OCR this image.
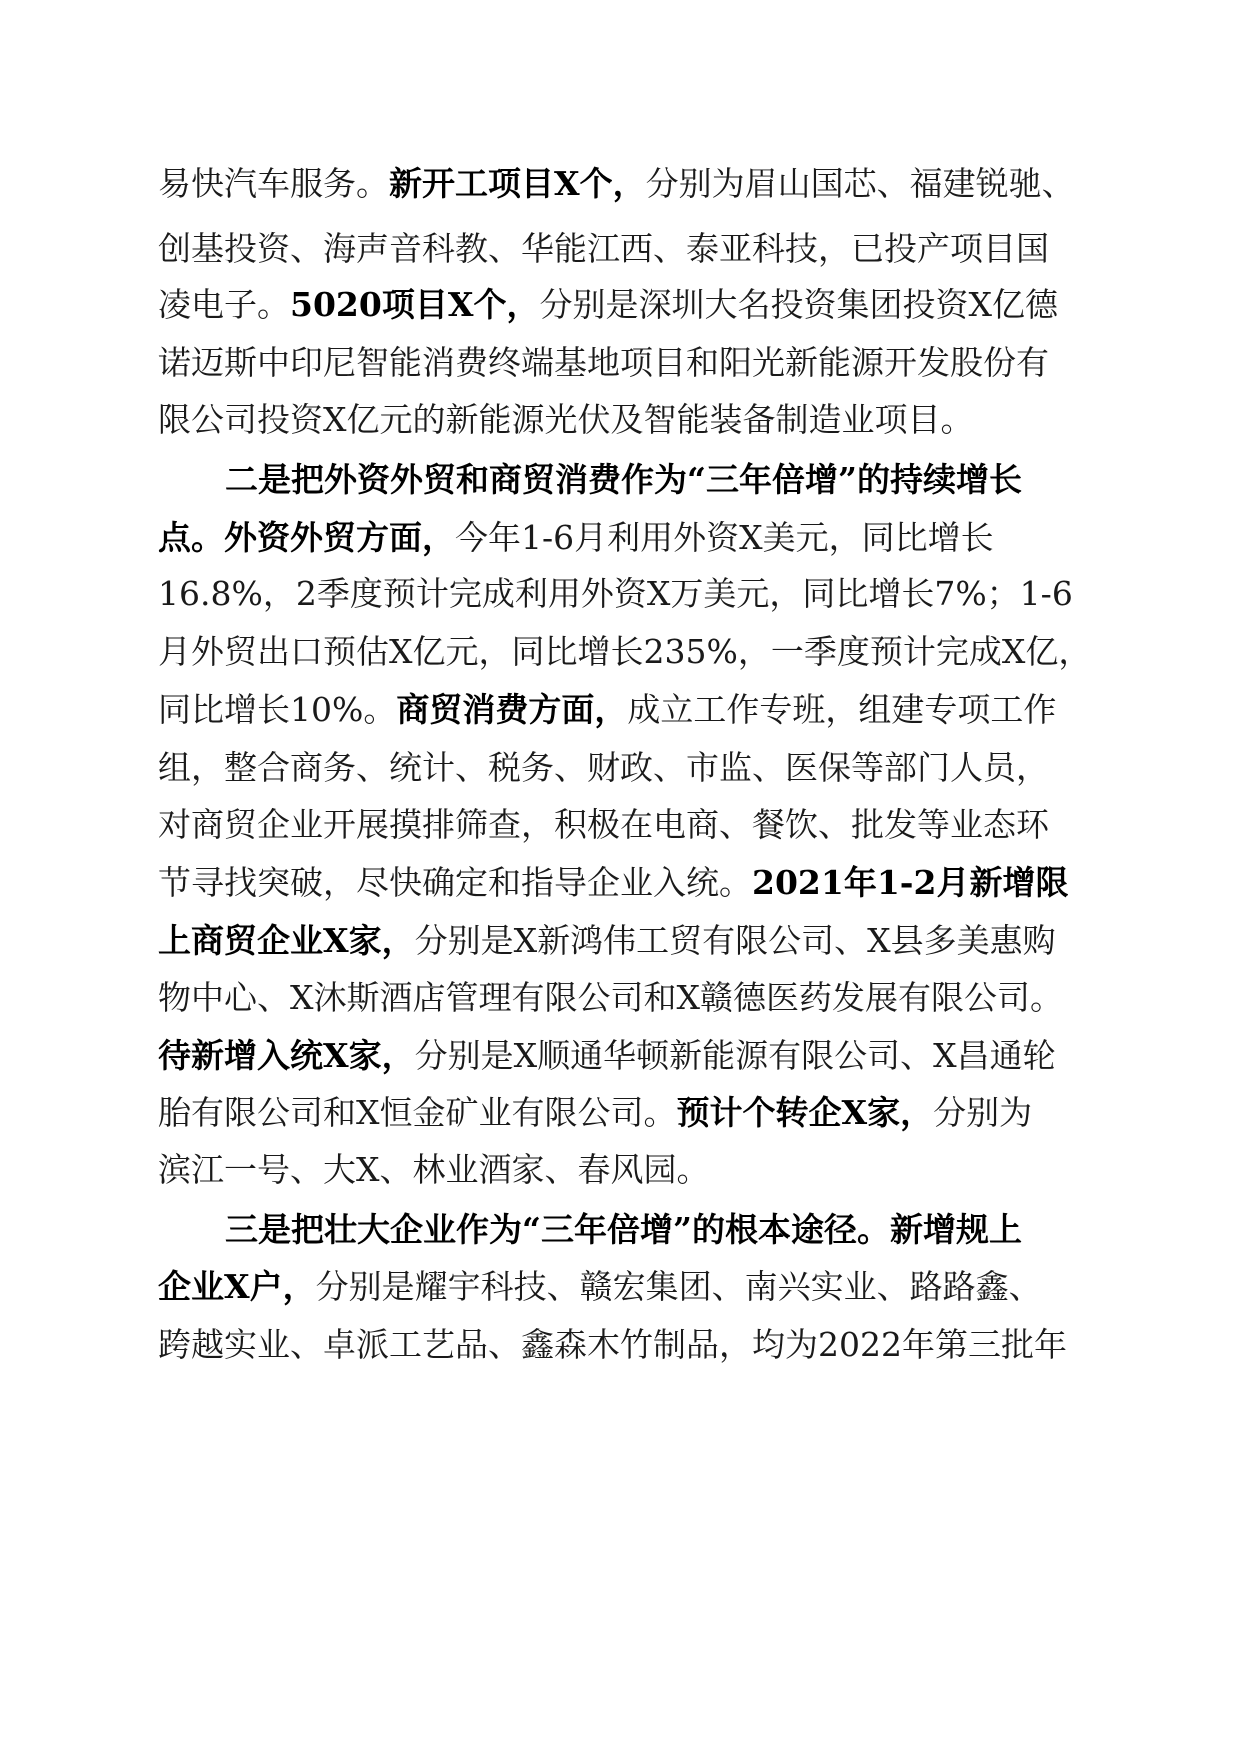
易快汽车服务。新开工项目X个，分别为眉山国芯、福建锐驰、

创基投资、海声音科教、华能江西、泰亚科技，已投产项目国

凌电子。5020项目X个，分别是深圳大名投资集团投资X亿德

诺迈斯中印尼智能消费终端基地项目和阳光新能源开发股份有

限公司投资X亿元的新能源光伏及智能装备制造业项目。

二是把外资外贸和商贸消费作为“三年倍增”的持续增长

点。外资外贸方面，今年1-6月利用外资X美元，同比增长

16.8%，2季度预计完成利用外资X万美元，同比增长7%；1-6

月外贸出口预估X亿元，同比增长235%，一季度预计完成X亿，

同比增长10%。商贸消费方面，成立工作专班，组建专项工作

组，整合商务、统计、税务、财政、市监、医保等部门人员，

对商贸企业开展摸排筛查，积极在电商、餐饮、批发等业态环

节寻找突破，尽快确定和指导企业入统。2021年1-2月新增限

上商贸企业X家，分别是X新鸿伟工贸有限公司、X县多美惠购

物中心、X沐斯酒店管理有限公司和X赣德医药发展有限公司。

待新增入统X家，分别是X顺通华顿新能源有限公司、X昌通轮

胎有限公司和X恒金矿业有限公司。预计个转企X家，分别为

滨江一号、大X、林业酒家、春风园。

三是把壮大企业作为“三年倍增”的根本途径。新增规上

企业X户，分别是耀宇科技、赣宏集团、南兴实业、路路鑫、

跨越实业、卓派工艺品、鑫森木竹制品，均为2022年第三批年
